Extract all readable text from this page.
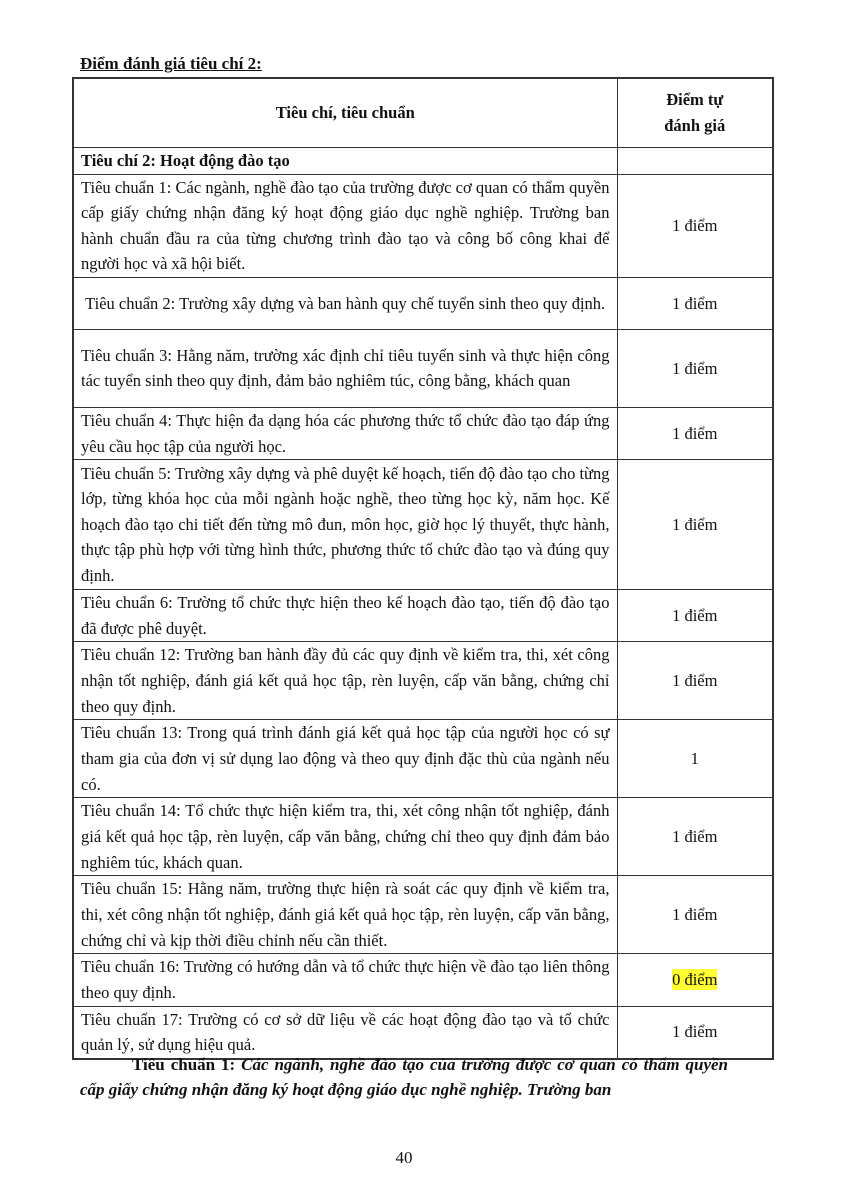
Điểm đánh giá tiêu chí 2:
Tiêu chí, tiêu chuẩn	Điểm tự
đánh giá
Tiêu chí 2: Hoạt động đào tạo	
Tiêu chuẩn 1: Các ngành, nghề đào tạo của trường được cơ quan có thẩm quyền cấp giấy chứng nhận đăng ký hoạt động giáo dục nghề nghiệp. Trường ban hành chuẩn đầu ra của từng chương trình đào tạo và công bố công khai để người học và xã hội biết.	1 điểm
Tiêu chuẩn 2: Trường xây dựng và ban hành quy chế tuyển sinh theo quy định.	1 điểm
Tiêu chuẩn 3: Hằng năm, trường xác định chỉ tiêu tuyển sinh và thực hiện công tác tuyển sinh theo quy định, đảm bảo nghiêm túc, công bằng, khách quan	1 điểm
Tiêu chuẩn 4: Thực hiện đa dạng hóa các phương thức tổ chức đào tạo đáp ứng yêu cầu học tập của người học.	1 điểm
Tiêu chuẩn 5: Trường xây dựng và phê duyệt kế hoạch, tiến độ đào tạo cho từng lớp, từng khóa học của mỗi ngành hoặc nghề, theo từng học kỳ, năm học. Kế hoạch đào tạo chi tiết đến từng mô đun, môn học, giờ học lý thuyết, thực hành, thực tập phù hợp với từng hình thức, phương thức tổ chức đào tạo và đúng quy định.	1 điểm
Tiêu chuẩn 6: Trường tổ chức thực hiện theo kế hoạch đào tạo, tiến độ đào tạo đã được phê duyệt.	1 điểm
Tiêu chuẩn 12: Trường ban hành đầy đủ các quy định về kiểm tra, thi, xét công nhận tốt nghiệp, đánh giá kết quả học tập, rèn luyện, cấp văn bằng, chứng chỉ theo quy định.	1 điểm
Tiêu chuẩn 13: Trong quá trình đánh giá kết quả học tập của người học có sự tham gia của đơn vị sử dụng lao động và theo quy định đặc thù của ngành nếu có.	1
Tiêu chuẩn 14: Tổ chức thực hiện kiểm tra, thi, xét công nhận tốt nghiệp, đánh giá kết quả học tập, rèn luyện, cấp văn bằng, chứng chỉ theo quy định đảm bảo nghiêm túc, khách quan.	1 điểm
Tiêu chuẩn 15: Hằng năm, trường thực hiện rà soát các quy định về kiểm tra, thi, xét công nhận tốt nghiệp, đánh giá kết quả học tập, rèn luyện, cấp văn bằng, chứng chỉ và kịp thời điều chỉnh nếu cần thiết.	1 điểm
Tiêu chuẩn 16: Trường có hướng dẫn và tổ chức thực hiện về đào tạo liên thông theo quy định.	0 điểm
Tiêu chuẩn 17: Trường có cơ sở dữ liệu về các hoạt động đào tạo và tổ chức quản lý, sử dụng hiệu quả.	1 điểm
Tiêu chuẩn 1: Các ngành, nghề đào tạo của trường được cơ quan có thẩm quyền cấp giấy chứng nhận đăng ký hoạt động giáo dục nghề nghiệp. Trường ban
40
